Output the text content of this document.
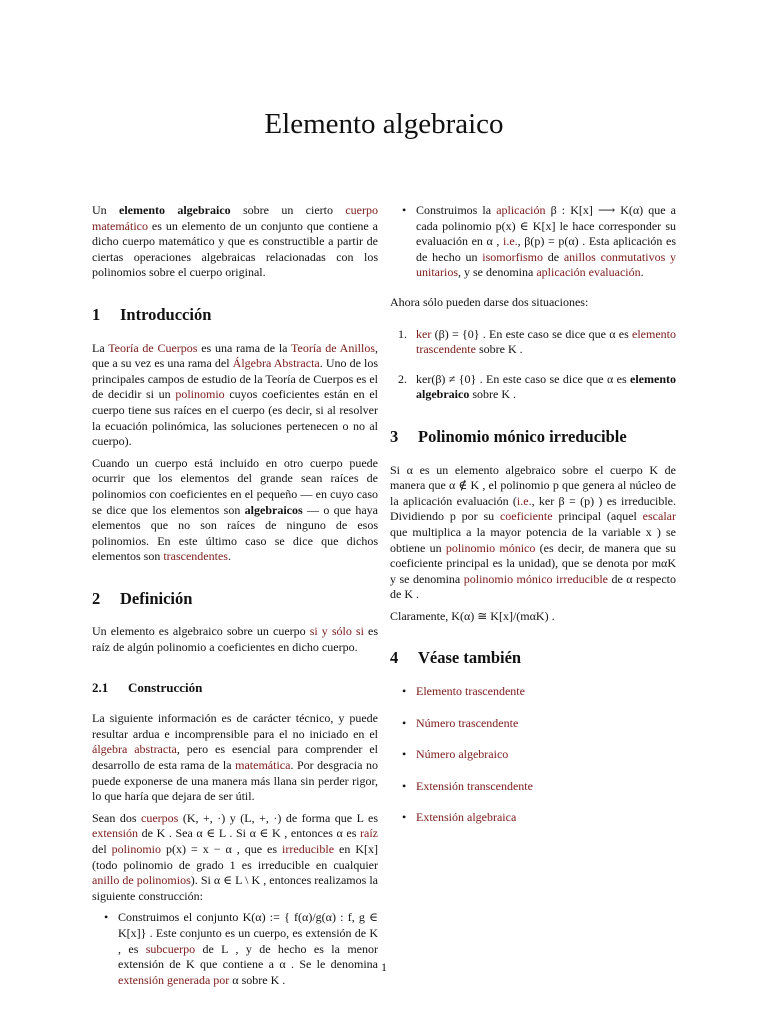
Elemento algebraico

Un elemento algebraico sobre un cierto cuerpo matemático es un elemento de un conjunto que contiene a dicho cuerpo matemático y que es constructible a partir de ciertas operaciones algebraicas relacionadas con los polinomios sobre el cuerpo original.

1 Introducción

La Teoría de Cuerpos es una rama de la Teoría de Anillos, que a su vez es una rama del Álgebra Abstracta. Uno de los principales campos de estudio de la Teoría de Cuerpos es el de decidir si un polinomio cuyos coeficientes están en el cuerpo tiene sus raíces en el cuerpo (es decir, si al resolver la ecuación polinómica, las soluciones pertenecen o no al cuerpo).

Cuando un cuerpo está incluido en otro cuerpo puede ocurrir que los elementos del grande sean raíces de polinomios con coeficientes en el pequeño — en cuyo caso se dice que los elementos son algebraicos — o que haya elementos que no son raíces de ninguno de esos polinomios. En este último caso se dice que dichos elementos son trascendentes.

2 Definición

Un elemento es algebraico sobre un cuerpo si y sólo si es raíz de algún polinomio a coeficientes en dicho cuerpo.

2.1 Construcción

La siguiente información es de carácter técnico, y puede resultar ardua e incomprensible para el no iniciado en el álgebra abstracta, pero es esencial para comprender el desarrollo de esta rama de la matemática. Por desgracia no puede exponerse de una manera más llana sin perder rigor, lo que haría que dejara de ser útil.

Sean dos cuerpos (K, +, ·) y (L, +, ·) de forma que L es extensión de K . Sea α ∈ L . Si α ∈ K , entonces α es raíz del polinomio p(x) = x − α , que es irreducible en K[x] (todo polinomio de grado 1 es irreducible en cualquier anillo de polinomios). Si α ∈ L \ K , entonces realizamos la siguiente construcción:

• Construimos el conjunto K(α) := { f(α)/g(α) : f, g ∈ K[x]} . Este conjunto es un cuerpo, es extensión de K , es subcuerpo de L , y de hecho es la menor extensión de K que contiene a α . Se le denomina extensión generada por α sobre K .
• Construimos la aplicación β : K[x] ⟶ K(α) que a cada polinomio p(x) ∈ K[x] le hace corresponder su evaluación en α , i.e., β(p) = p(α) . Esta aplicación es de hecho un isomorfismo de anillos conmutativos y unitarios, y se denomina aplicación evaluación.

Ahora sólo pueden darse dos situaciones:

1. ker (β) = {0} . En este caso se dice que α es elemento trascendente sobre K .
2. ker(β) ≠ {0} . En este caso se dice que α es elemento algebraico sobre K .
3 Polinomio mónico irreducible

Si α es un elemento algebraico sobre el cuerpo K de manera que α ∉ K , el polinomio p que genera al núcleo de la aplicación evaluación (i.e., ker β = (p) ) es irreducible. Dividiendo p por su coeficiente principal (aquel escalar que multiplica a la mayor potencia de la variable x ) se obtiene un polinomio mónico (es decir, de manera que su coeficiente principal es la unidad), que se denota por mαK y se denomina polinomio mónico irreducible de α respecto de K .

Claramente, K(α) ≅ K[x]/(mαK) .

4 Véase también
• Elemento trascendente
• Número trascendente
• Número algebraico
• Extensión transcendente
• Extensión algebraica
1
